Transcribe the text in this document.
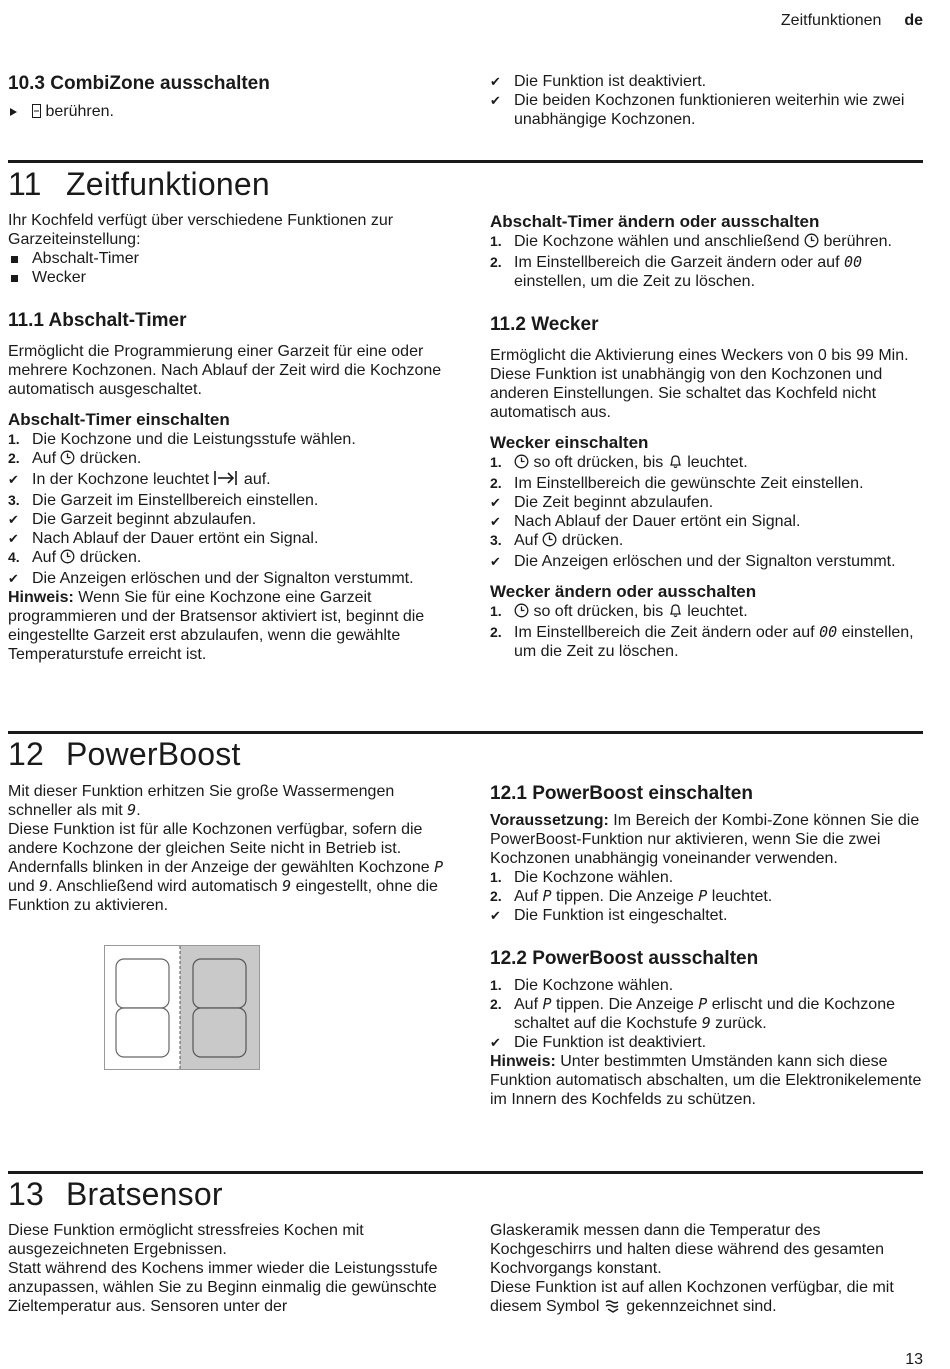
Zeitfunktionen de
10.3 CombiZone ausschalten
berühren.
✔ Die Funktion ist deaktiviert.
✔ Die beiden Kochzonen funktionieren weiterhin wie zwei unabhängige Kochzonen.
11 Zeitfunktionen

Ihr Kochfeld verfügt über verschiedene Funktionen zur Garzeiteinstellung:

Abschalt-Timer
Wecker
11.1 Abschalt-Timer

Ermöglicht die Programmierung einer Garzeit für eine oder mehrere Kochzonen. Nach Ablauf der Zeit wird die Kochzone automatisch ausgeschaltet.

Abschalt-Timer einschalten
1. Die Kochzone und die Leistungsstufe wählen.
2. Auf drücken.
✔ In der Kochzone leuchtet auf.
3. Die Garzeit im Einstellbereich einstellen.
✔ Die Garzeit beginnt abzulaufen.
✔ Nach Ablauf der Dauer ertönt ein Signal.
4. Auf drücken.
✔ Die Anzeigen erlöschen und der Signalton verstummt.

Hinweis: Wenn Sie für eine Kochzone eine Garzeit programmieren und der Bratsensor aktiviert ist, beginnt die eingestellte Garzeit erst abzulaufen, wenn die gewählte Temperaturstufe erreicht ist.

Abschalt-Timer ändern oder ausschalten
1. Die Kochzone wählen und anschließend berühren.
2. Im Einstellbereich die Garzeit ändern oder auf 00 einstellen, um die Zeit zu löschen.
11.2 Wecker

Ermöglicht die Aktivierung eines Weckers von 0 bis 99 Min. Diese Funktion ist unabhängig von den Kochzonen und anderen Einstellungen. Sie schaltet das Kochfeld nicht automatisch aus.

Wecker einschalten
1.	so oft drücken, bis leuchtet.
2. Im Einstellbereich die gewünschte Zeit einstellen.
✔ Die Zeit beginnt abzulaufen.
✔ Nach Ablauf der Dauer ertönt ein Signal.
3. Auf drücken.
✔ Die Anzeigen erlöschen und der Signalton verstummt.
Wecker ändern oder ausschalten
1.	so oft drücken, bis leuchtet.
2. Im Einstellbereich die Zeit ändern oder auf 00 einstellen, um die Zeit zu löschen.
12 PowerBoost

Mit dieser Funktion erhitzen Sie große Wassermengen schneller als mit 9.

Diese Funktion ist für alle Kochzonen verfügbar, sofern die andere Kochzone der gleichen Seite nicht in Betrieb ist.

Andernfalls blinken in der Anzeige der gewählten Kochzone P und 9. Anschließend wird automatisch 9 eingestellt, ohne die Funktion zu aktivieren.

12.1 PowerBoost einschalten

Voraussetzung: Im Bereich der Kombi-Zone können Sie die PowerBoost-Funktion nur aktivieren, wenn Sie die zwei Kochzonen unabhängig voneinander verwenden.

1. Die Kochzone wählen.
2. Auf P tippen. Die Anzeige P leuchtet.
✔ Die Funktion ist eingeschaltet.
12.2 PowerBoost ausschalten
1. Die Kochzone wählen.
2. Auf P tippen. Die Anzeige P erlischt und die Kochzone schaltet auf die Kochstufe 9 zurück.
✔ Die Funktion ist deaktiviert.

Hinweis: Unter bestimmten Umständen kann sich diese Funktion automatisch abschalten, um die Elektronikelemente im Innern des Kochfelds zu schützen.

13 Bratsensor

Diese Funktion ermöglicht stressfreies Kochen mit ausgezeichneten Ergebnissen.

Statt während des Kochens immer wieder die Leistungsstufe anzupassen, wählen Sie zu Beginn einmalig die gewünschte Zieltemperatur aus. Sensoren unter der

Glaskeramik messen dann die Temperatur des Kochgeschirrs und halten diese während des gesamten Kochvorgangs konstant.

Diese Funktion ist auf allen Kochzonen verfügbar, die mit diesem Symbol gekennzeichnet sind.

13
